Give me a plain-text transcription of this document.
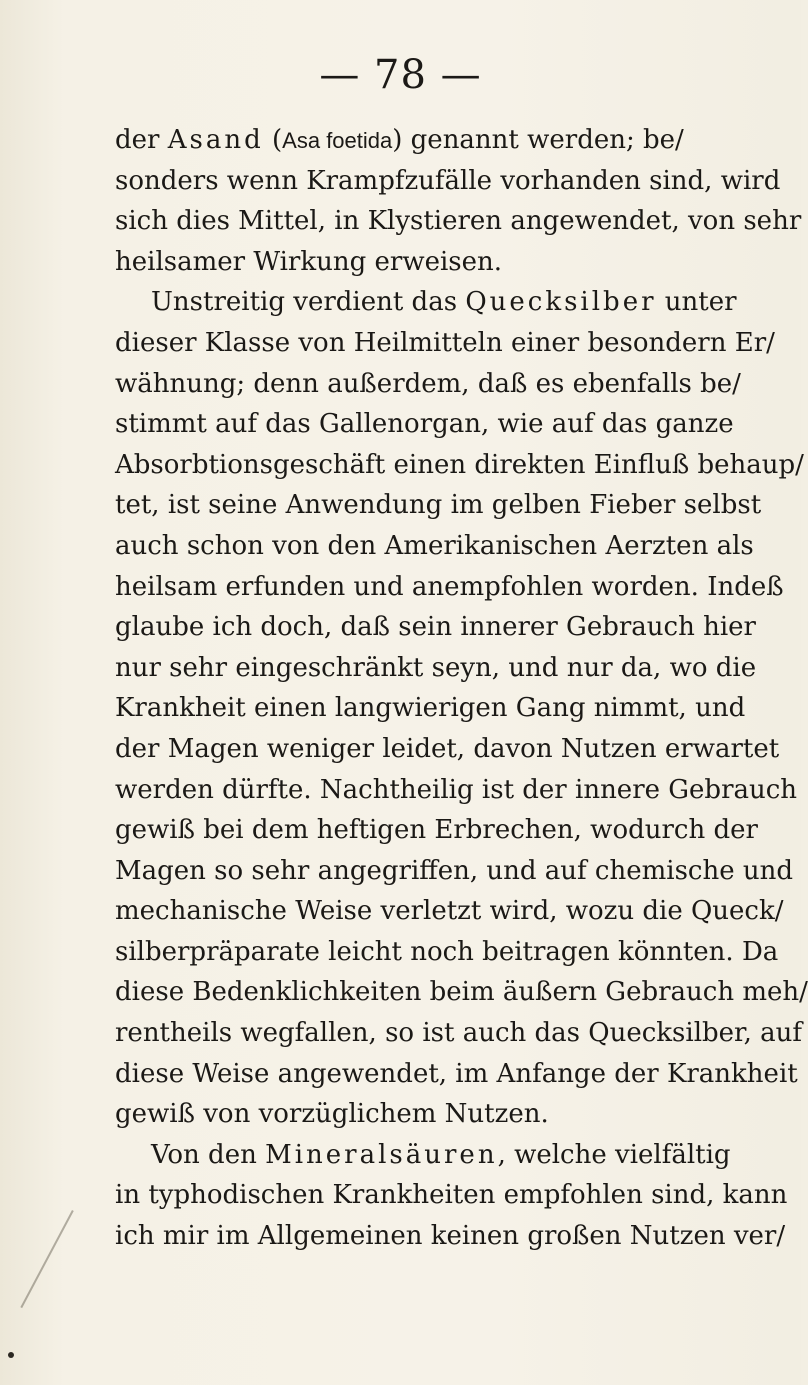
— 78 —
der Asand (Asa foetida) genannt werden; be/
sonders wenn Krampfzufälle vorhanden sind, wird
sich dies Mittel, in Klystieren angewendet, von sehr
heilsamer Wirkung erweisen.
Unstreitig verdient das Quecksilber unter
dieser Klasse von Heilmitteln einer besondern Er/
wähnung; denn außerdem, daß es ebenfalls be/
stimmt auf das Gallenorgan, wie auf das ganze
Absorbtionsgeschäft einen direkten Einfluß behaup/
tet, ist seine Anwendung im gelben Fieber selbst
auch schon von den Amerikanischen Aerzten als
heilsam erfunden und anempfohlen worden. Indeß
glaube ich doch, daß sein innerer Gebrauch hier
nur sehr eingeschränkt seyn, und nur da, wo die
Krankheit einen langwierigen Gang nimmt, und
der Magen weniger leidet, davon Nutzen erwartet
werden dürfte. Nachtheilig ist der innere Gebrauch
gewiß bei dem heftigen Erbrechen, wodurch der
Magen so sehr angegriffen, und auf chemische und
mechanische Weise verletzt wird, wozu die Queck/
silberpräparate leicht noch beitragen könnten. Da
diese Bedenklichkeiten beim äußern Gebrauch meh/
rentheils wegfallen, so ist auch das Quecksilber, auf
diese Weise angewendet, im Anfange der Krankheit
gewiß von vorzüglichem Nutzen.
Von den Mineralsäuren, welche vielfältig
in typhodischen Krankheiten empfohlen sind, kann
ich mir im Allgemeinen keinen großen Nutzen ver/
